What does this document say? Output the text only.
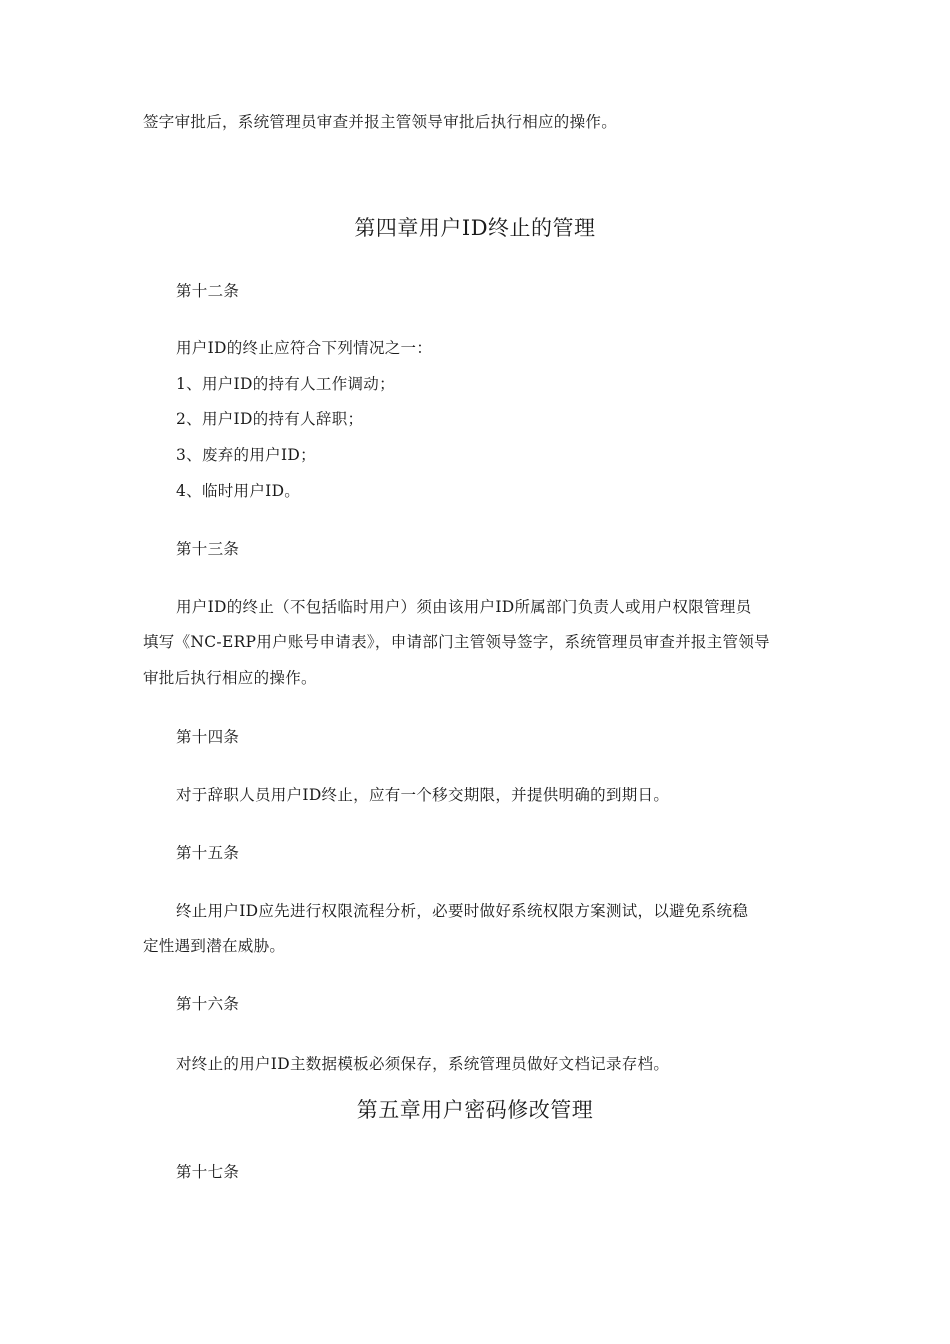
签字审批后，系统管理员审查并报主管领导审批后执行相应的操作。
第四章用户ID终止的管理
第十二条
用户ID的终止应符合下列情况之一：
1、用户ID的持有人工作调动；
2、用户ID的持有人辞职；
3、废弃的用户ID；
4、临时用户ID。
第十三条
用户ID的终止（不包括临时用户）须由该用户ID所属部门负责人或用户权限管理员
填写《NC-ERP用户账号申请表》，申请部门主管领导签字，系统管理员审查并报主管领导
审批后执行相应的操作。
第十四条
对于辞职人员用户ID终止，应有一个移交期限，并提供明确的到期日。
第十五条
终止用户ID应先进行权限流程分析，必要时做好系统权限方案测试，以避免系统稳
定性遇到潜在威胁。
第十六条
对终止的用户ID主数据模板必须保存，系统管理员做好文档记录存档。
第五章用户密码修改管理
第十七条
